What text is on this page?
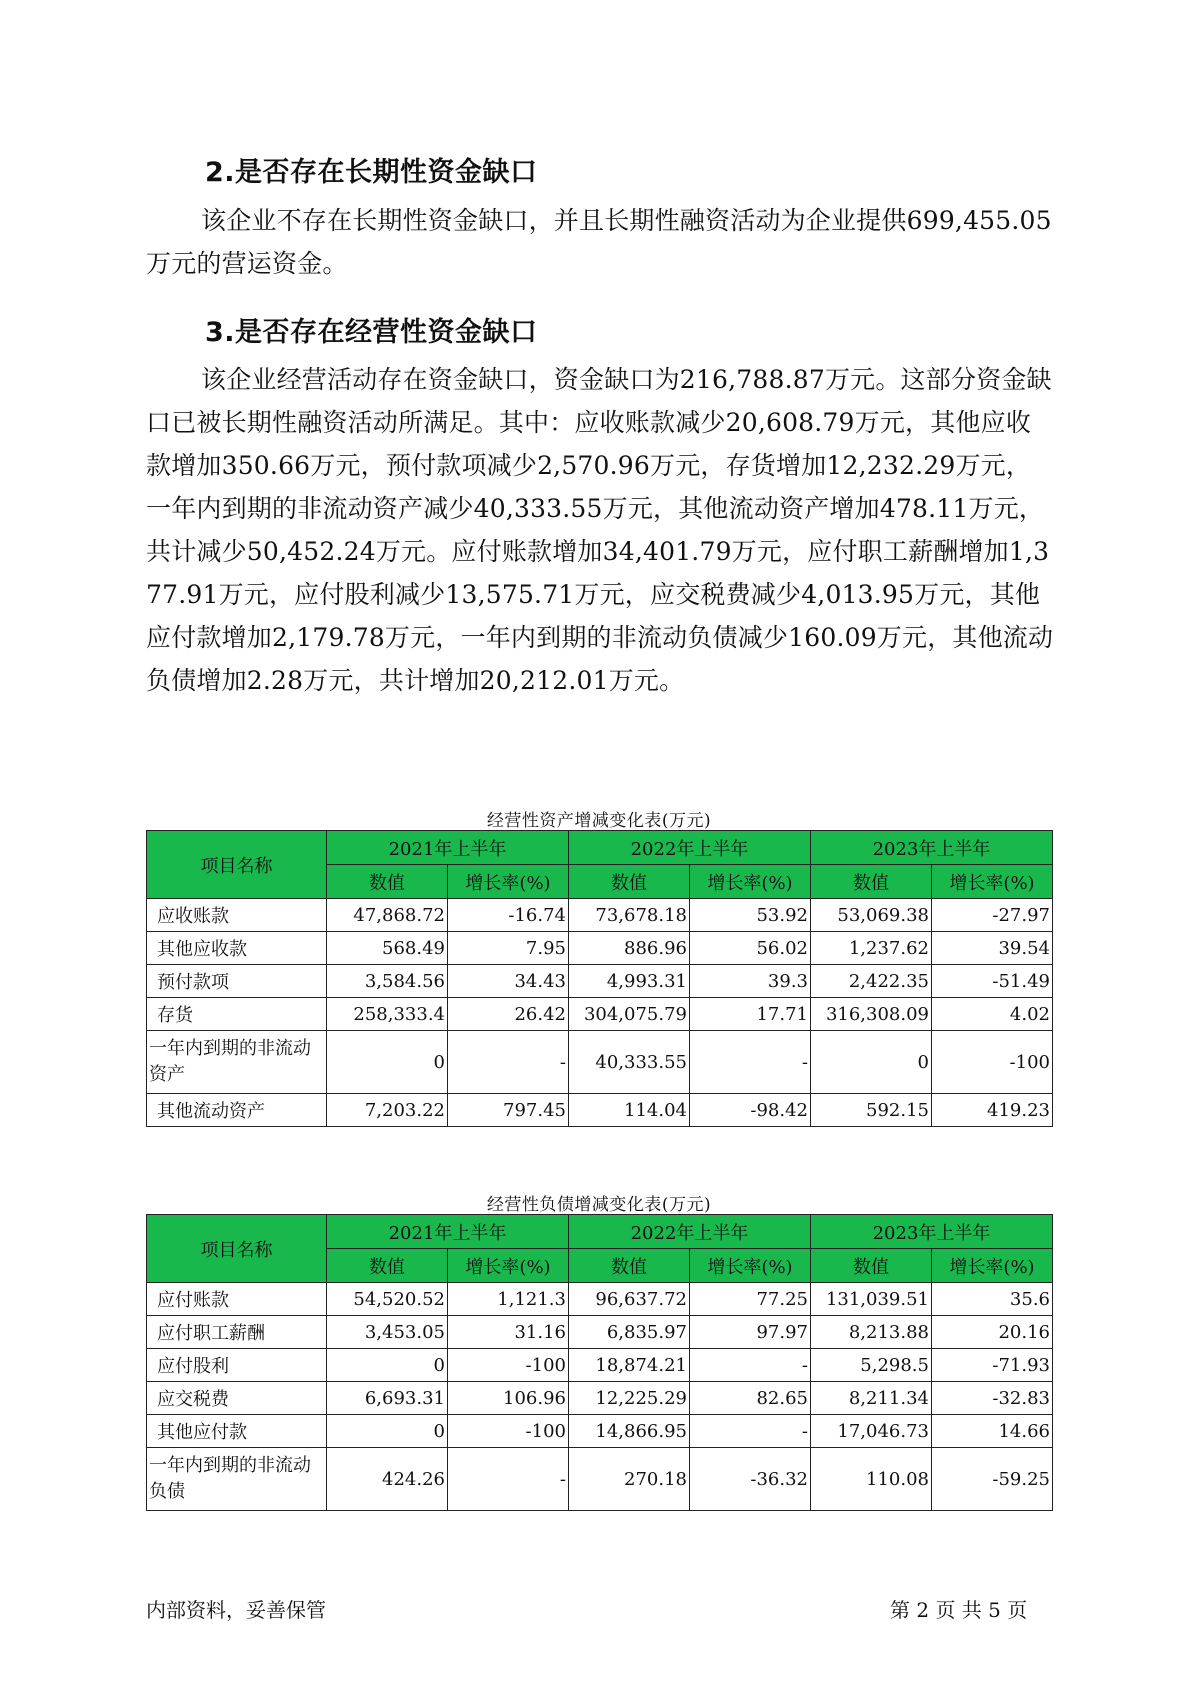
2.是否存在长期性资金缺口

该企业不存在长期性资金缺口，并且长期性融资活动为企业提供699,455.05万元的营运资金。

3.是否存在经营性资金缺口

该企业经营活动存在资金缺口，资金缺口为216,788.87万元。这部分资金缺口已被长期性融资活动所满足。其中：应收账款减少20,608.79万元，其他应收款增加350.66万元，预付款项减少2,570.96万元，存货增加12,232.29万元，一年内到期的非流动资产减少40,333.55万元，其他流动资产增加478.11万元，共计减少50,452.24万元。应付账款增加34,401.79万元，应付职工薪酬增加1,377.91万元，应付股利减少13,575.71万元，应交税费减少4,013.95万元，其他应付款增加2,179.78万元，一年内到期的非流动负债减少160.09万元，其他流动负债增加2.28万元，共计增加20,212.01万元。

经营性资产增减变化表(万元)
项目名称	2021年上半年		2022年上半年		2023年上半年	
	数值	增长率(%)	数值	增长率(%)	数值	增长率(%)
应收账款	47,868.72	-16.74	73,678.18	53.92	53,069.38	-27.97
其他应收款	568.49	7.95	886.96	56.02	1,237.62	39.54
预付款项	3,584.56	34.43	4,993.31	39.3	2,422.35	-51.49
存货	258,333.4	26.42	304,075.79	17.71	316,308.09	4.02
一年内到期的非流动资产	0	-	40,333.55	-	0	-100
其他流动资产	7,203.22	797.45	114.04	-98.42	592.15	419.23
经营性负债增减变化表(万元)
项目名称	2021年上半年		2022年上半年		2023年上半年	
	数值	增长率(%)	数值	增长率(%)	数值	增长率(%)
应付账款	54,520.52	1,121.3	96,637.72	77.25	131,039.51	35.6
应付职工薪酬	3,453.05	31.16	6,835.97	97.97	8,213.88	20.16
应付股利	0	-100	18,874.21	-	5,298.5	-71.93
应交税费	6,693.31	106.96	12,225.29	82.65	8,211.34	-32.83
其他应付款	0	-100	14,866.95	-	17,046.73	14.66
一年内到期的非流动负债	424.26	-	270.18	-36.32	110.08	-59.25
内部资料，妥善保管	第 2 页 共 5 页
